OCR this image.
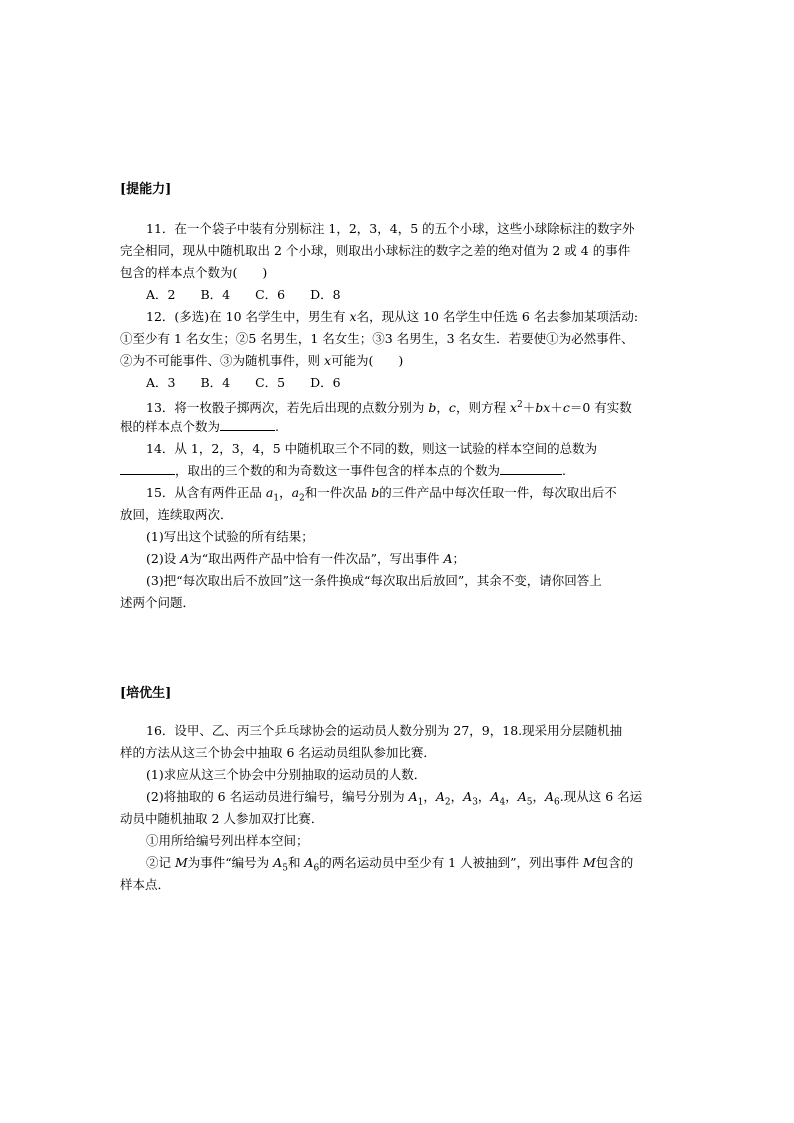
[提能力]
11．在一个袋子中装有分别标注 1，2，3，4，5 的五个小球，这些小球除标注的数字外
完全相同，现从中随机取出 2 个小球，则取出小球标注的数字之差的绝对值为 2 或 4 的事件
包含的样本点个数为(　　)
A．2　　B．4　　C．6　　D．8
12．(多选)在 10 名学生中，男生有 x名，现从这 10 名学生中任选 6 名去参加某项活动:
①至少有 1 名女生；②5 名男生，1 名女生；③3 名男生，3 名女生．若要使①为必然事件、
②为不可能事件、③为随机事件，则 x可能为(　　)
A．3　　B．4　　C．5　　D．6
13．将一枚骰子掷两次，若先后出现的点数分别为 b，c，则方程 $x^2+bx+c=0$ 有实数
根的样本点个数为	.
14．从 1，2，3，4，5 中随机取三个不同的数，则这一试验的样本空间的总数为
，取出的三个数的和为奇数这一事件包含的样本点的个数为	.
15．从含有两件正品 $a_1$，$a_2$和一件次品 b的三件产品中每次任取一件，每次取出后不
放回，连续取两次．
(1)写出这个试验的所有结果；
(2)设 A为“取出两件产品中恰有一件次品”，写出事件 A；
(3)把“每次取出后不放回”这一条件换成“每次取出后放回”，其余不变，请你回答上
述两个问题．
[培优生]
16．设甲、乙、丙三个乒乓球协会的运动员人数分别为 27，9，18.现采用分层随机抽
样的方法从这三个协会中抽取 6 名运动员组队参加比赛．
(1)求应从这三个协会中分别抽取的运动员的人数．
(2)将抽取的 6 名运动员进行编号，编号分别为 $A_1$，$A_2$，$A_3$，$A_4$，$A_5$，$A_6$.现从这 6 名运
动员中随机抽取 2 人参加双打比赛．
①用所给编号列出样本空间；
②记 M为事件“编号为 $A_5$和 $A_6$的两名运动员中至少有 1 人被抽到”，列出事件 M包含的
样本点．
